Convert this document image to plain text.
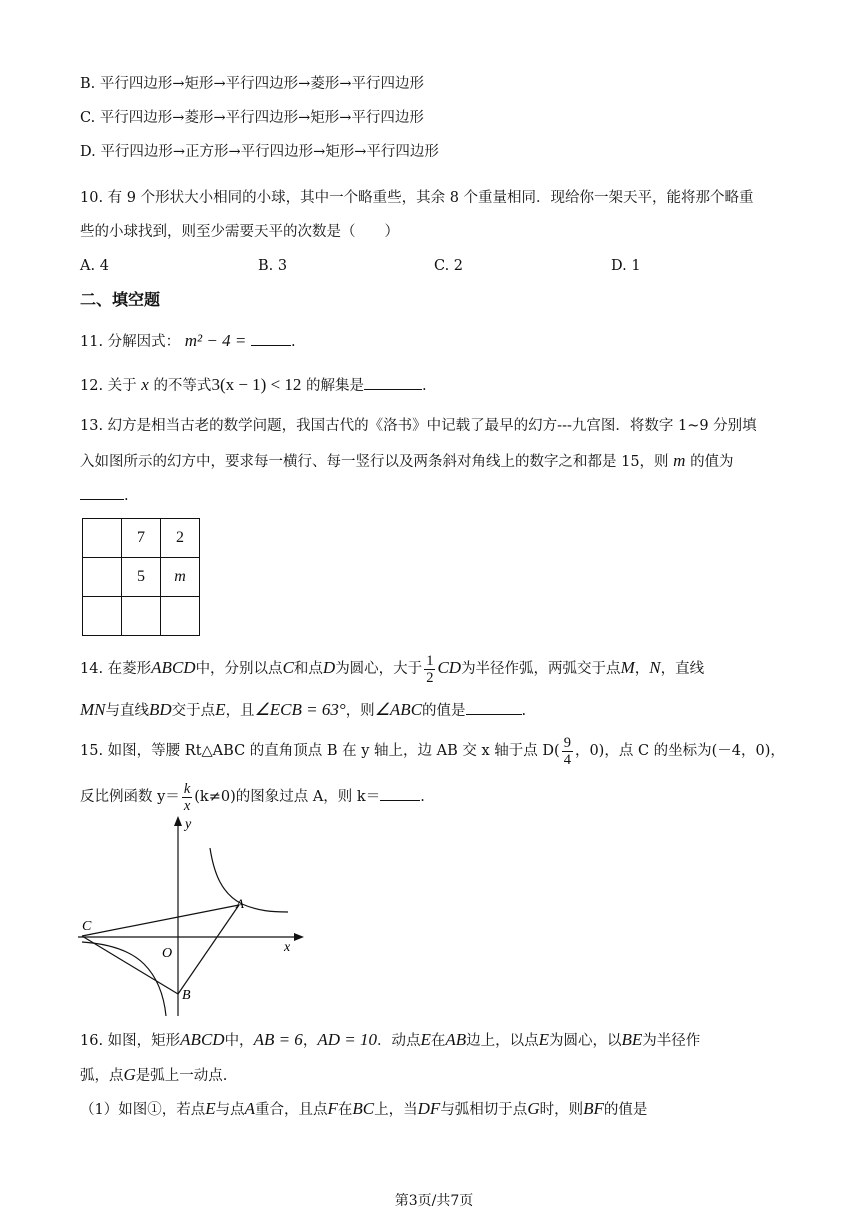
B. 平行四边形→矩形→平行四边形→菱形→平行四边形
C. 平行四边形→菱形→平行四边形→矩形→平行四边形
D. 平行四边形→正方形→平行四边形→矩形→平行四边形
10. 有 9 个形状大小相同的小球，其中一个略重些，其余 8 个重量相同．现给你一架天平，能将那个略重
些的小球找到，则至少需要天平的次数是（　　）
A. 4	B. 3	C. 2	D. 1
二、填空题
11. 分解因式： m² − 4 =	.
12. 关于 x 的不等式3(x − 1) < 12 的解集是	.
13. 幻方是相当古老的数学问题，我国古代的《洛书》中记载了最早的幻方---九宫图．将数字 1~9 分别填
入如图所示的幻方中，要求每一横行、每一竖行以及两条斜对角线上的数字之和都是 15，则 m 的值为
.
	7	2
	5	m

14. 在菱形ABCD中，分别以点C和点D为圆心，大于 $\frac{1}{2}$ CD为半径作弧，两弧交于点M，N，直线
MN与直线BD交于点E，且∠ECB = 63°，则∠ABC的值是	.
15. 如图，等腰 Rt△ABC 的直角顶点 B 在 y 轴上，边 AB 交 x 轴于点 $D( \frac{9}{4}$ ，0)，点 C 的坐标为(－4，0)，
反比例函数 $y= \frac{k}{x} (k\ne 0)$的图象过点 A，则 k＝	.
y
x
O
A
B
C
16. 如图，矩形ABCD中，AB = 6，AD = 10．动点E在AB边上，以点E为圆心，以BE为半径作
弧，点G是弧上一动点.
（1）如图①，若点E与点A重合，且点F在BC上，当DF与弧相切于点G时，则BF的值是
第3页/共7页
